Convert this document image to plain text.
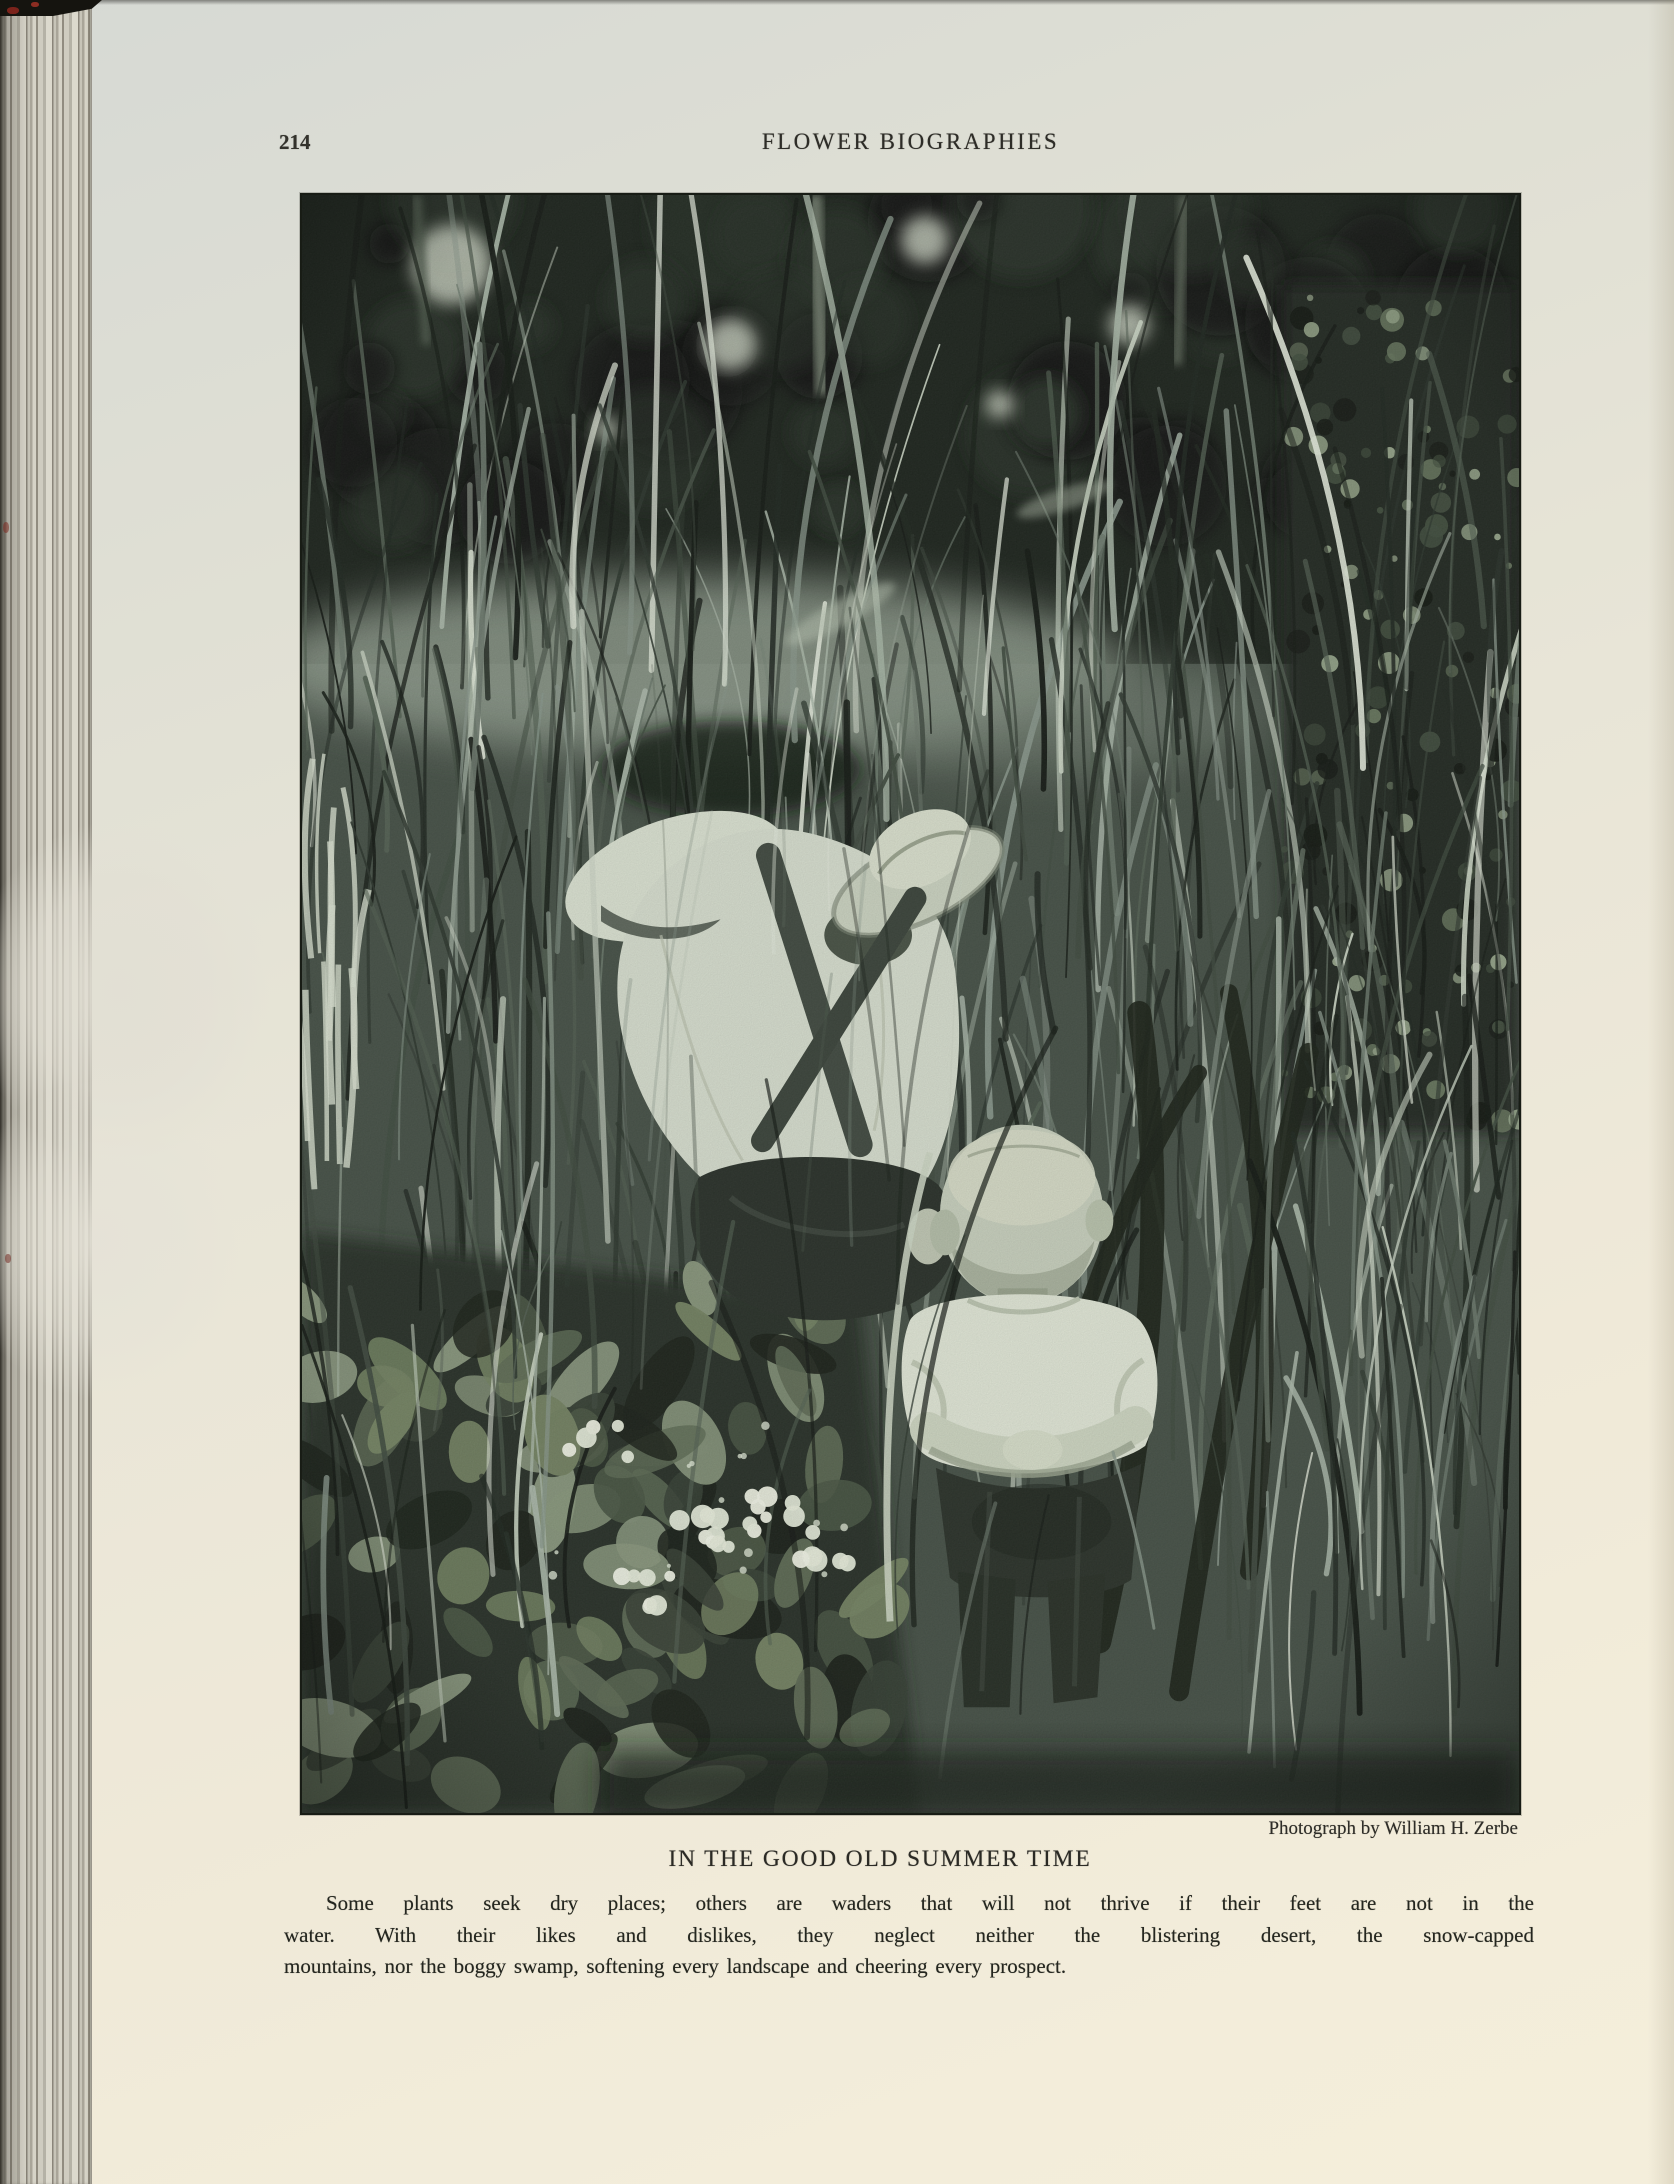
214	FLOWER BIOGRAPHIES
Photograph by William H. Zerbe
IN THE GOOD OLD SUMMER TIME

Some plants seek dry places; others are waders that will not thrive if their feet are not in the

water. With their likes and dislikes, they neglect neither the blistering desert, the snow-capped

mountains, nor the boggy swamp, softening every landscape and cheering every prospect.
